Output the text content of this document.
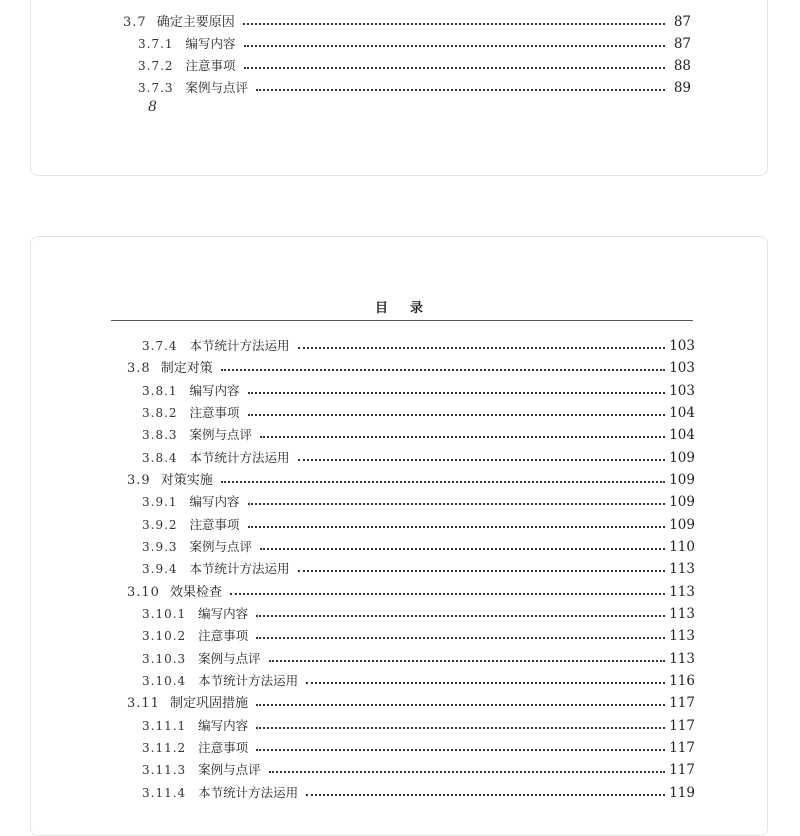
3.7 确定主要原因	87
3.7.1 编写内容	87
3.7.2 注意事项	88
3.7.3 案例与点评	89
8
目录
3.7.4 本节统计方法运用	103
3.8 制定对策	103
3.8.1 编写内容	103
3.8.2 注意事项	104
3.8.3 案例与点评	104
3.8.4 本节统计方法运用	109
3.9 对策实施	109
3.9.1 编写内容	109
3.9.2 注意事项	109
3.9.3 案例与点评	110
3.9.4 本节统计方法运用	113
3.10 效果检查	113
3.10.1 编写内容	113
3.10.2 注意事项	113
3.10.3 案例与点评	113
3.10.4 本节统计方法运用	116
3.11 制定巩固措施	117
3.11.1 编写内容	117
3.11.2 注意事项	117
3.11.3 案例与点评	117
3.11.4 本节统计方法运用	119
